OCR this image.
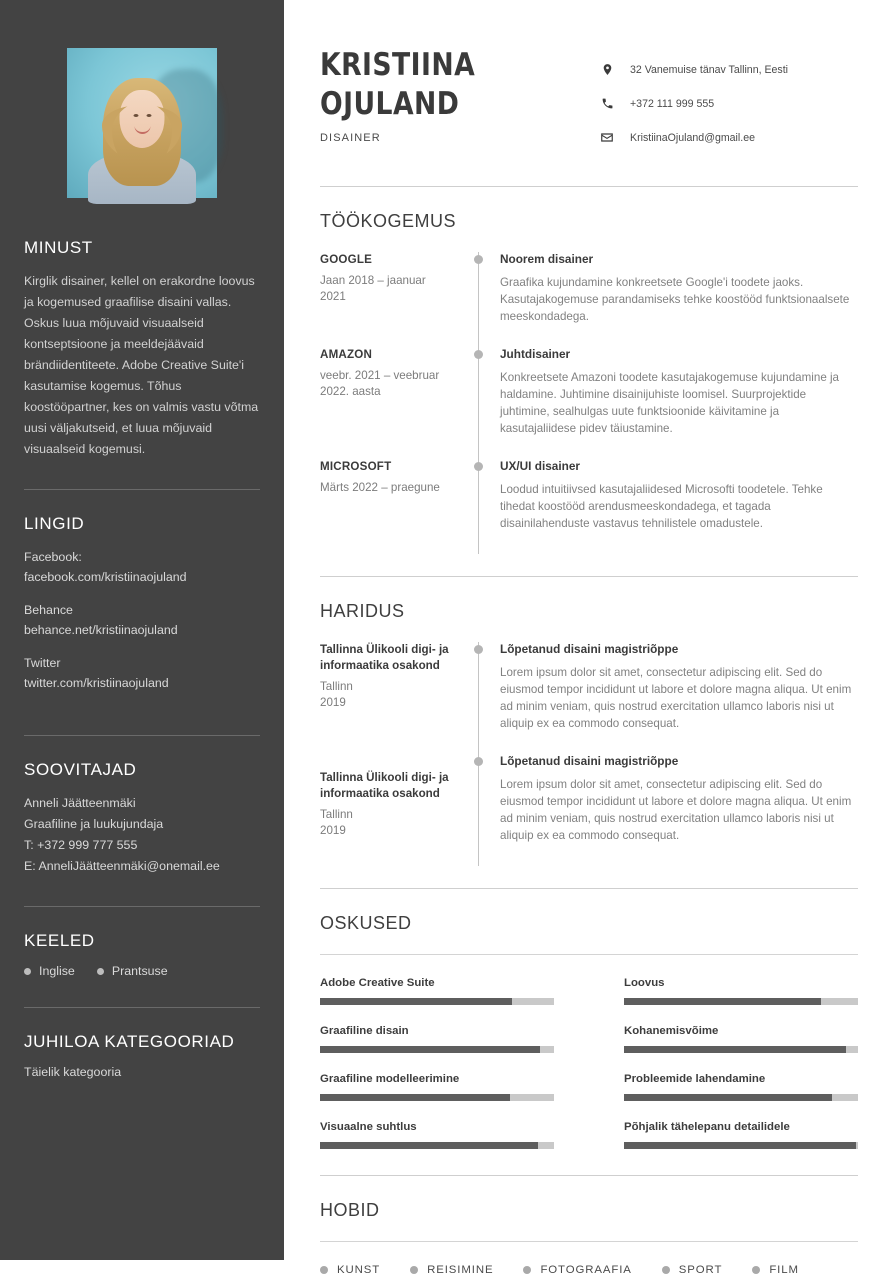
MINUST

Kirglik disainer, kellel on erakordne loovus ja kogemused graafilise disaini vallas. Oskus luua mõjuvaid visuaalseid kontseptsioone ja meeldejäävaid brändiidentiteete. Adobe Creative Suite'i kasutamise kogemus. Tõhus koostööpartner, kes on valmis vastu võtma uusi väljakutseid, et luua mõjuvaid visuaalseid kogemusi.

LINGID
Facebook:
facebook.com/kristiinaojuland
Behance
behance.net/kristiinaojuland
Twitter
twitter.com/kristiinaojuland
SOOVITAJAD
Anneli Jäätteenmäki
Graafiline ja luukujundaja
T: +372 999 777 555
E: AnneliJäätteenmäki@onemail.ee
KEELED
Inglise	Prantsuse
JUHILOA KATEGOORIAD
Täielik kategooria
KRISTIINA
OJULAND
DISAINER
32 Vanemuise tänav Tallinn, Eesti
+372 111 999 555
KristiinaOjuland@gmail.ee
TÖÖKOGEMUS
GOOGLE
Jaan 2018 – jaanuar 2021
Noorem disainer
Graafika kujundamine konkreetsete Google'i toodete jaoks. Kasutajakogemuse parandamiseks tehke koostööd funktsionaalsete meeskondadega.
AMAZON
veebr. 2021 – veebruar 2022. aasta
Juhtdisainer
Konkreetsete Amazoni toodete kasutajakogemuse kujundamine ja haldamine. Juhtimine disainijuhiste loomisel. Suurprojektide juhtimine, sealhulgas uute funktsioonide käivitamine ja kasutajaliidese pidev täiustamine.
MICROSOFT
Märts 2022 – praegune
UX/UI disainer
Loodud intuitiivsed kasutajaliidesed Microsofti toodetele. Tehke tihedat koostööd arendusmeeskondadega, et tagada disainilahenduste vastavus tehnilistele omadustele.
HARIDUS
Tallinna Ülikooli digi- ja informaatika osakond
Tallinn
2019
Lõpetanud disaini magistriõppe
Lorem ipsum dolor sit amet, consectetur adipiscing elit. Sed do eiusmod tempor incididunt ut labore et dolore magna aliqua. Ut enim ad minim veniam, quis nostrud exercitation ullamco laboris nisi ut aliquip ex ea commodo consequat.
Tallinna Ülikooli digi- ja informaatika osakond
Tallinn
2019
Lõpetanud disaini magistriõppe
Lorem ipsum dolor sit amet, consectetur adipiscing elit. Sed do eiusmod tempor incididunt ut labore et dolore magna aliqua. Ut enim ad minim veniam, quis nostrud exercitation ullamco laboris nisi ut aliquip ex ea commodo consequat.
OSKUSED
Adobe Creative Suite	Loovus
Graafiline disain	Kohanemisvõime
Graafiline modelleerimine	Probleemide lahendamine
Visuaalne suhtlus	Põhjalik tähelepanu detailidele
HOBID
KUNST	REISIMINE	FOTOGRAAFIA	SPORT	FILM
